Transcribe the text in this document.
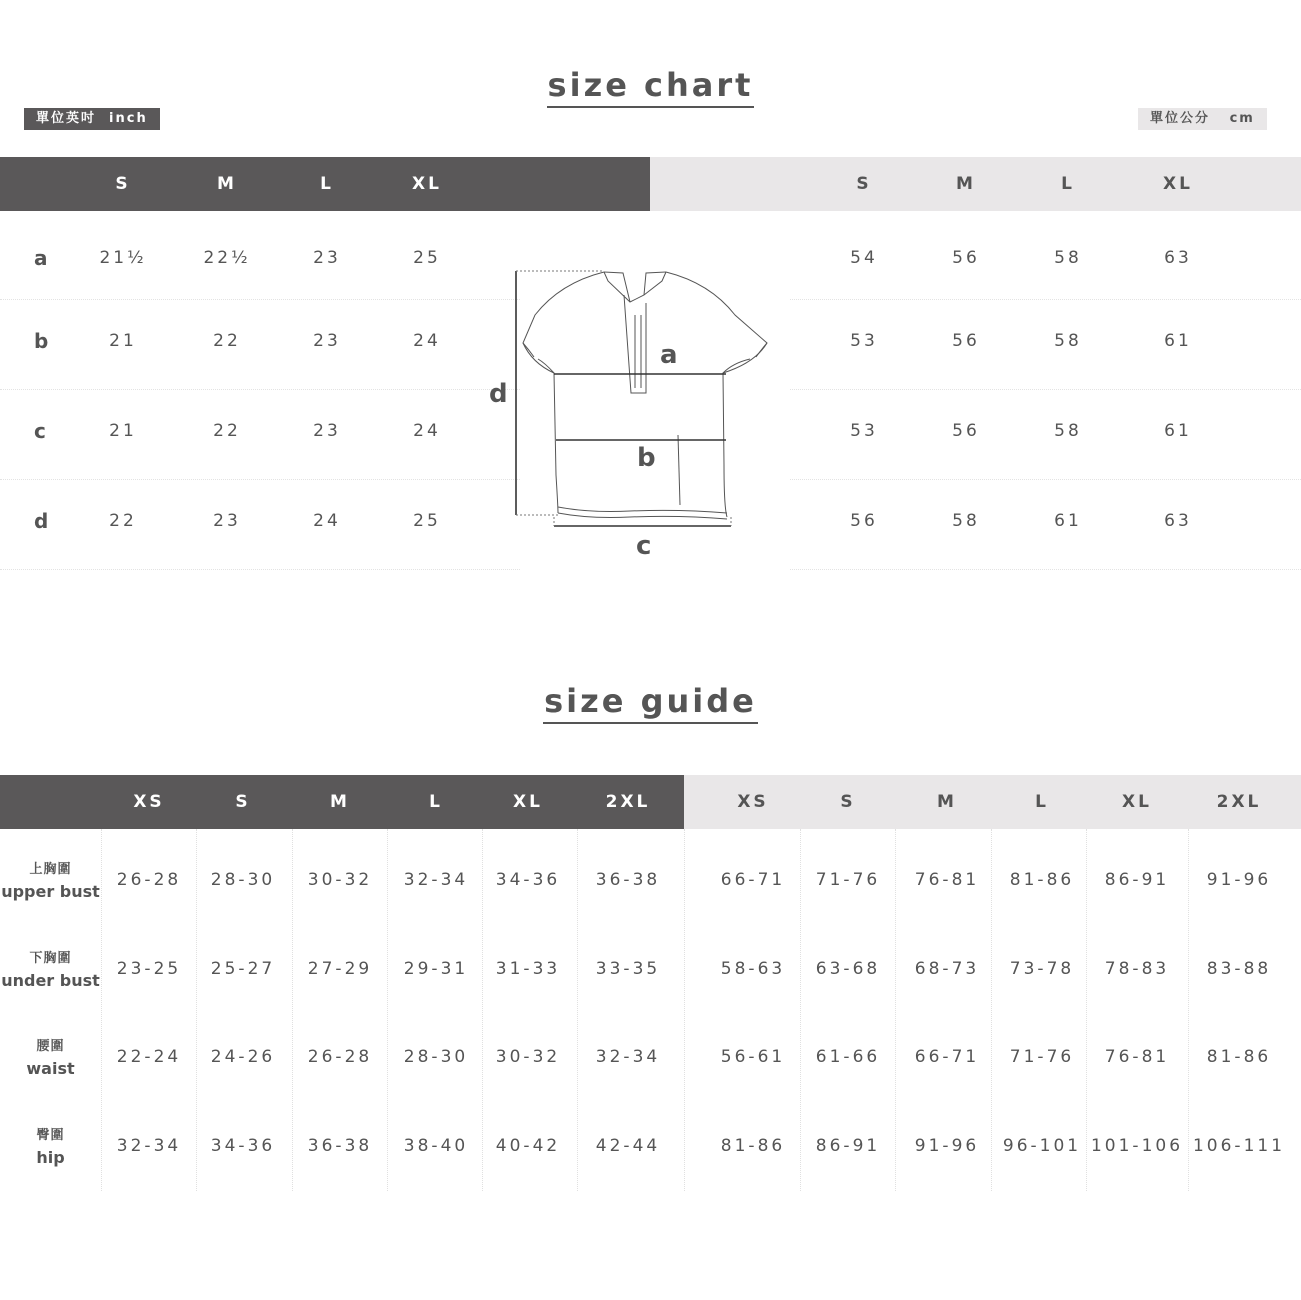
size chart
單位英吋  inch	單位公分   cm
S	M	L	XL	S	M	L	XL
a	21½	22½	23	25	54	56	58	63
b	21	22	23	24	53	56	58	61
c	21	22	23	24	53	56	58	61
d	22	23	24	25	56	58	61	63
a
b
c
d
size guide
XS	S	M	L	XL	2XL	XS	S	M	L	XL	2XL
上胸圍
upper bust
26-28	28-30	30-32	32-34	34-36	36-38	66-71	71-76	76-81	81-86	86-91	91-96
下胸圍
under bust
23-25	25-27	27-29	29-31	31-33	33-35	58-63	63-68	68-73	73-78	78-83	83-88
腰圍
waist
22-24	24-26	26-28	28-30	30-32	32-34	56-61	61-66	66-71	71-76	76-81	81-86
臀圍
hip
32-34	34-36	36-38	38-40	40-42	42-44	81-86	86-91	91-96	96-101 101-106 106-111
